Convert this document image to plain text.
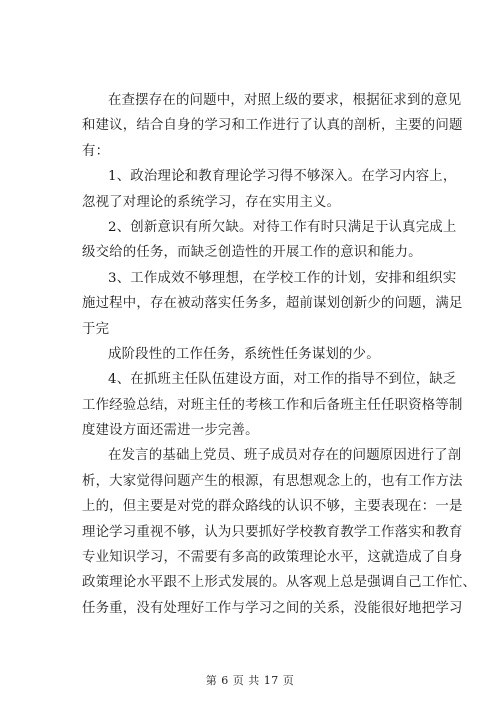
在查摆存在的问题中，对照上级的要求，根据征求到的意见
和建议，结合自身的学习和工作进行了认真的剖析，主要的问题
有：
1、政治理论和教育理论学习得不够深入。在学习内容上，
忽视了对理论的系统学习，存在实用主义。
2、创新意识有所欠缺。对待工作有时只满足于认真完成上
级交给的任务，而缺乏创造性的开展工作的意识和能力。
3、工作成效不够理想，在学校工作的计划，安排和组织实
施过程中，存在被动落实任务多，超前谋划创新少的问题，满足
于完
成阶段性的工作任务，系统性任务谋划的少。
4、在抓班主任队伍建设方面，对工作的指导不到位，缺乏
工作经验总结，对班主任的考核工作和后备班主任任职资格等制
度建设方面还需进一步完善。
在发言的基础上党员、班子成员对存在的问题原因进行了剖
析，大家觉得问题产生的根源，有思想观念上的，也有工作方法
上的，但主要是对党的群众路线的认识不够，主要表现在：一是
理论学习重视不够，认为只要抓好学校教育教学工作落实和教育
专业知识学习，不需要有多高的政策理论水平，这就造成了自身
政策理论水平跟不上形式发展的。从客观上总是强调自己工作忙、
任务重，没有处理好工作与学习之间的关系，没能很好地把学习
第 6 页 共 17 页
